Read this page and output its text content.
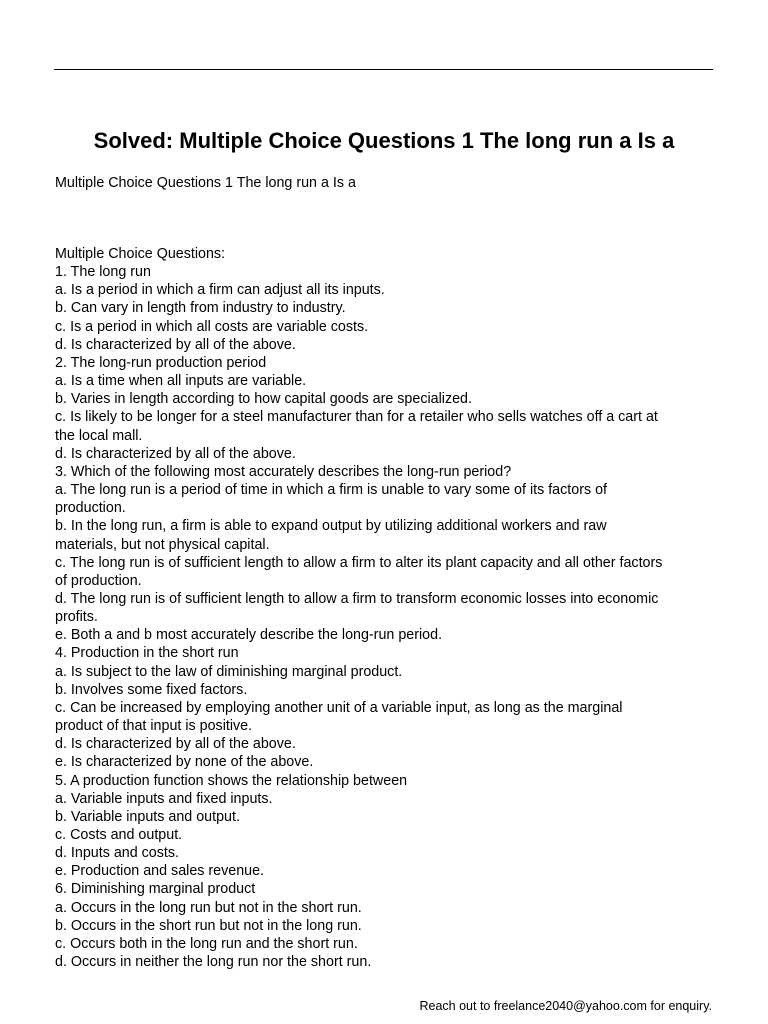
Solved: Multiple Choice Questions 1 The long run a Is a

Multiple Choice Questions 1 The long run a Is a

Multiple Choice Questions:
1. The long run
a. Is a period in which a firm can adjust all its inputs.
b. Can vary in length from industry to industry.
c. Is a period in which all costs are variable costs.
d. Is characterized by all of the above.
2. The long-run production period
a. Is a time when all inputs are variable.
b. Varies in length according to how capital goods are specialized.
c. Is likely to be longer for a steel manufacturer than for a retailer who sells watches off a cart at
the local mall.
d. Is characterized by all of the above.
3. Which of the following most accurately describes the long-run period?
a. The long run is a period of time in which a firm is unable to vary some of its factors of
production.
b. In the long run, a firm is able to expand output by utilizing additional workers and raw
materials, but not physical capital.
c. The long run is of sufficient length to allow a firm to alter its plant capacity and all other factors
of production.
d. The long run is of sufficient length to allow a firm to transform economic losses into economic
profits.
e. Both a and b most accurately describe the long-run period.
4. Production in the short run
a. Is subject to the law of diminishing marginal product.
b. Involves some fixed factors.
c. Can be increased by employing another unit of a variable input, as long as the marginal
product of that input is positive.
d. Is characterized by all of the above.
e. Is characterized by none of the above.
5. A production function shows the relationship between
a. Variable inputs and fixed inputs.
b. Variable inputs and output.
c. Costs and output.
d. Inputs and costs.
e. Production and sales revenue.
6. Diminishing marginal product
a. Occurs in the long run but not in the short run.
b. Occurs in the short run but not in the long run.
c. Occurs both in the long run and the short run.
d. Occurs in neither the long run nor the short run.

Reach out to freelance2040@yahoo.com for enquiry.
